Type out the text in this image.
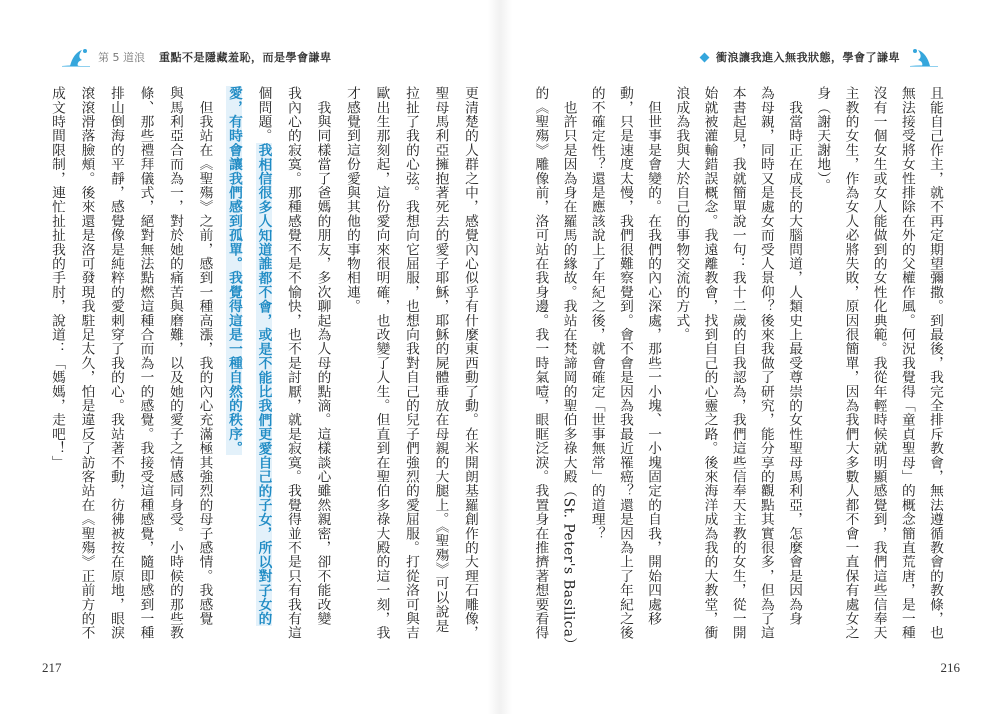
第 5 道浪 重點不是隱藏羞恥，而是學會謙卑	衝浪讓我進入無我狀態，學會了謙卑
且能自己作主，就不再定期望彌撒。到最後，我完全排斥教會，無法遵循教會的教條，也
無法接受將女性排除在外的父權作風。何況我覺得「童貞聖母」的概念簡直荒唐，是一種
沒有一個女生或女人能做到的女性化典範。我從年輕時候就明顯感覺到，我們這些信奉天
主教的女生，作為女人必將失敗，原因很簡單，因為我們大多數人都不會一直保有處女之
身（謝天謝地）。
　我當時正在成長的大腦問道，人類史上最受尊崇的女性聖母馬利亞，怎麼會是因為身
為母親，同時又是處女而受人景仰？後來我做了研究，能分享的觀點其實很多，但為了這
本書起見，我就簡單說一句：我十二歲的自我認為，我們這些信奉天主教的女生，從一開
始就被灌輸錯誤概念。我遠離教會，找到自己的心靈之路。後來海洋成為我的大教堂，衝
浪成為我與大於自己的事物交流的方式。
　但世事是會變的。在我們的內心深處，那些一小塊、一小塊固定的自我，開始四處移
動，只是速度太慢，我們很難察覺到。會不會是因為我最近罹癌？還是因為上了年紀之後
的不確定性？還是應該說上了年紀之後，就會確定「世事無常」的道理？
　也許只是因為身在羅馬的緣故。我站在梵諦岡的聖伯多祿大殿（St. Peter's Basilica）
的《聖殤》雕像前，洛可站在我身邊。我一時氣噎，眼眶泛淚。我置身在推擠著想要看得
更清楚的人群之中，感覺內心似乎有什麼東西動了動。在米開朗基羅創作的大理石雕像，
聖母馬利亞擁抱著死去的愛子耶穌，耶穌的屍體垂放在母親的大腿上。《聖殤》可以說是
拉扯了我的心弦。我想向它屈服，也想向我對自己的兒子們強烈的愛屈服。打從洛可與吉
歐出生那刻起，這份愛向來很明確，也改變了人生。但直到在聖伯多祿大殿的這一刻，我
才感覺到這份愛與其他的事物相連。
　我與同樣當了爸媽的朋友，多次聊起為人母的點滴。這樣談心雖然親密，卻不能改變
我內心的寂寞。那種感覺不是不愉快，也不是討厭，就是寂寞。我覺得並不是只有我有這
個問題。我相信很多人知道誰都不會，或是不能比我們更愛自己的子女，所以對子女的
愛，有時會讓我們感到孤單。我覺得這是一種自然的秩序。
　但我站在《聖殤》之前，感到一種高漲，我的內心充滿極其強烈的母子感情。我感覺
與馬利亞合而為一，對於她的痛苦與磨難，以及她的愛子之情感同身受。小時候的那些教
條、那些禮拜儀式，絕對無法點燃這種合而為一的感覺。我接受這種感覺，隨即感到一種
排山倒海的平靜，感覺像是純粹的愛刺穿了我的心。我站著不動，彷彿被按在原地，眼淚
滾滾滑落臉頰。後來還是洛可發現我駐足太久，怕是違反了訪客站在《聖殤》正前方的不
成文時間限制，連忙扯扯我的手肘，說道：「媽媽，走吧！」
217	216
